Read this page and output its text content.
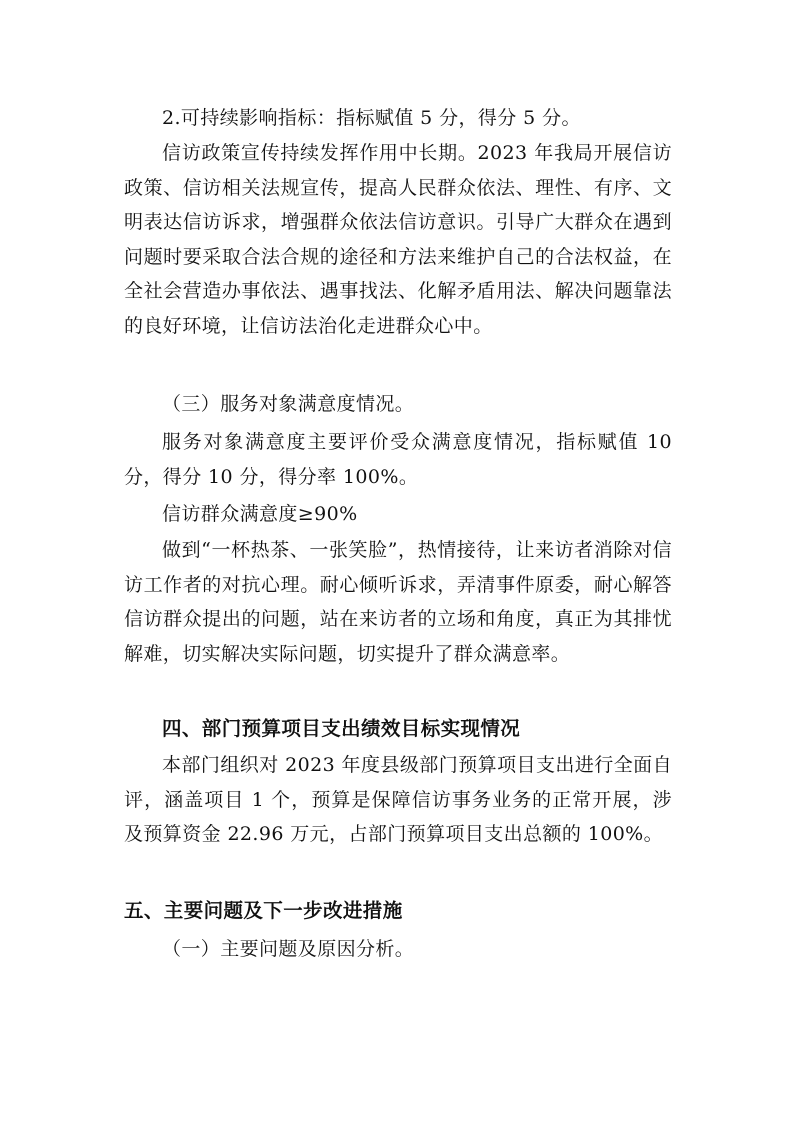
2.可持续影响指标：指标赋值 5 分，得分 5 分。

信访政策宣传持续发挥作用中长期。2023 年我局开展信访政策、信访相关法规宣传，提高人民群众依法、理性、有序、文明表达信访诉求，增强群众依法信访意识。引导广大群众在遇到问题时要采取合法合规的途径和方法来维护自己的合法权益，在全社会营造办事依法、遇事找法、化解矛盾用法、解决问题靠法的良好环境，让信访法治化走进群众心中。

（三）服务对象满意度情况。

服务对象满意度主要评价受众满意度情况，指标赋值 10 分，得分 10 分，得分率 100%。

信访群众满意度≥90%

做到“一杯热茶、一张笑脸”，热情接待，让来访者消除对信访工作者的对抗心理。耐心倾听诉求，弄清事件原委，耐心解答信访群众提出的问题，站在来访者的立场和角度，真正为其排忧解难，切实解决实际问题，切实提升了群众满意率。

四、部门预算项目支出绩效目标实现情况

本部门组织对 2023 年度县级部门预算项目支出进行全面自评，涵盖项目 1 个，预算是保障信访事务业务的正常开展，涉及预算资金 22.96 万元，占部门预算项目支出总额的 100%。

五、主要问题及下一步改进措施

（一）主要问题及原因分析。
